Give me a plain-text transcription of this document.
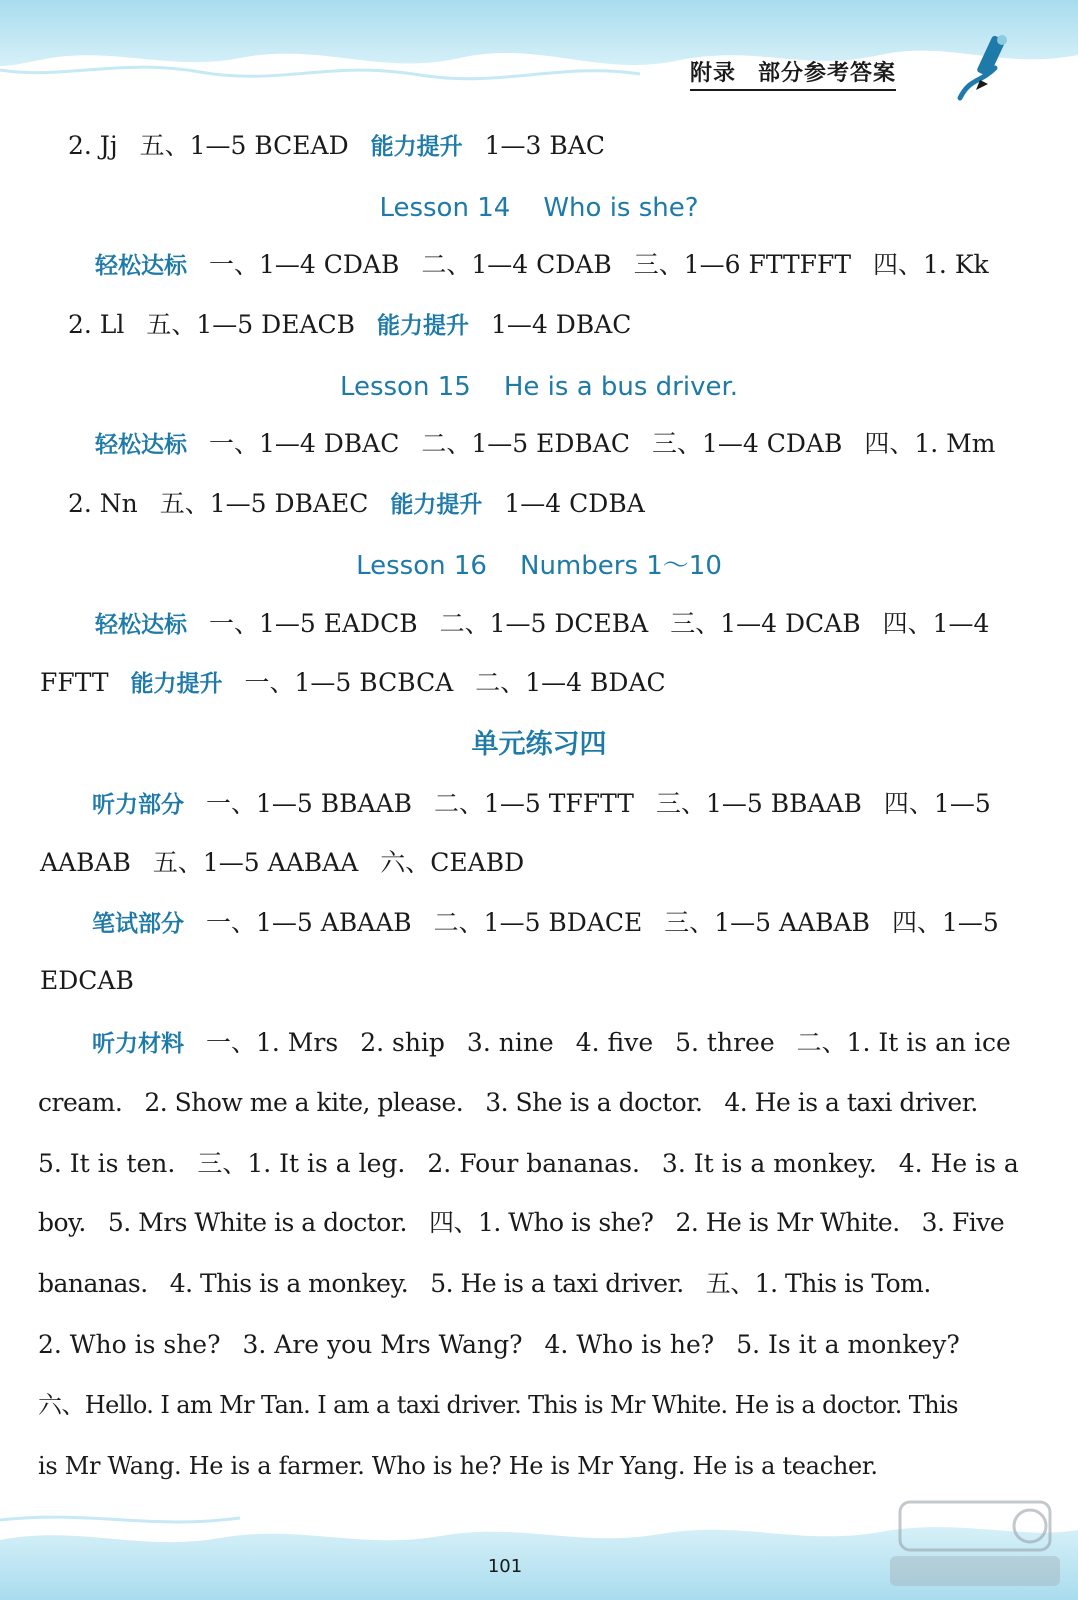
附录 部分参考答案
2. Jj 五、1—5 BCEAD 能力提升 1—3 BAC
Lesson 14    Who is she?
轻松达标 一、1—4 CDAB 二、1—4 CDAB 三、1—6 FTTFFT 四、1. Kk
2. Ll 五、1—5 DEACB 能力提升 1—4 DBAC
Lesson 15    He is a bus driver.
轻松达标 一、1—4 DBAC 二、1—5 EDBAC 三、1—4 CDAB 四、1. Mm
2. Nn 五、1—5 DBAEC 能力提升 1—4 CDBA
Lesson 16    Numbers 1～10
轻松达标 一、1—5 EADCB 二、1—5 DCEBA 三、1—4 DCAB 四、1—4
FFTT 能力提升 一、1—5 BCBCA 二、1—4 BDAC
单元练习四
听力部分 一、1—5 BBAAB 二、1—5 TFFTT 三、1—5 BBAAB 四、1—5
AABAB 五、1—5 AABAA 六、CEABD
笔试部分 一、1—5 ABAAB 二、1—5 BDACE 三、1—5 AABAB 四、1—5
EDCAB
听力材料 一、1. Mrs 2. ship 3. nine 4. five 5. three 二、1. It is an ice
cream. 2. Show me a kite, please. 3. She is a doctor. 4. He is a taxi driver.
5. It is ten. 三、1. It is a leg. 2. Four bananas. 3. It is a monkey. 4. He is a
boy. 5. Mrs White is a doctor. 四、1. Who is she? 2. He is Mr White. 3. Five
bananas. 4. This is a monkey. 5. He is a taxi driver. 五、1. This is Tom.
2. Who is she? 3. Are you Mrs Wang? 4. Who is he? 5. Is it a monkey?
六、Hello. I am Mr Tan. I am a taxi driver. This is Mr White. He is a doctor. This
is Mr Wang. He is a farmer. Who is he? He is Mr Yang. He is a teacher.
101
